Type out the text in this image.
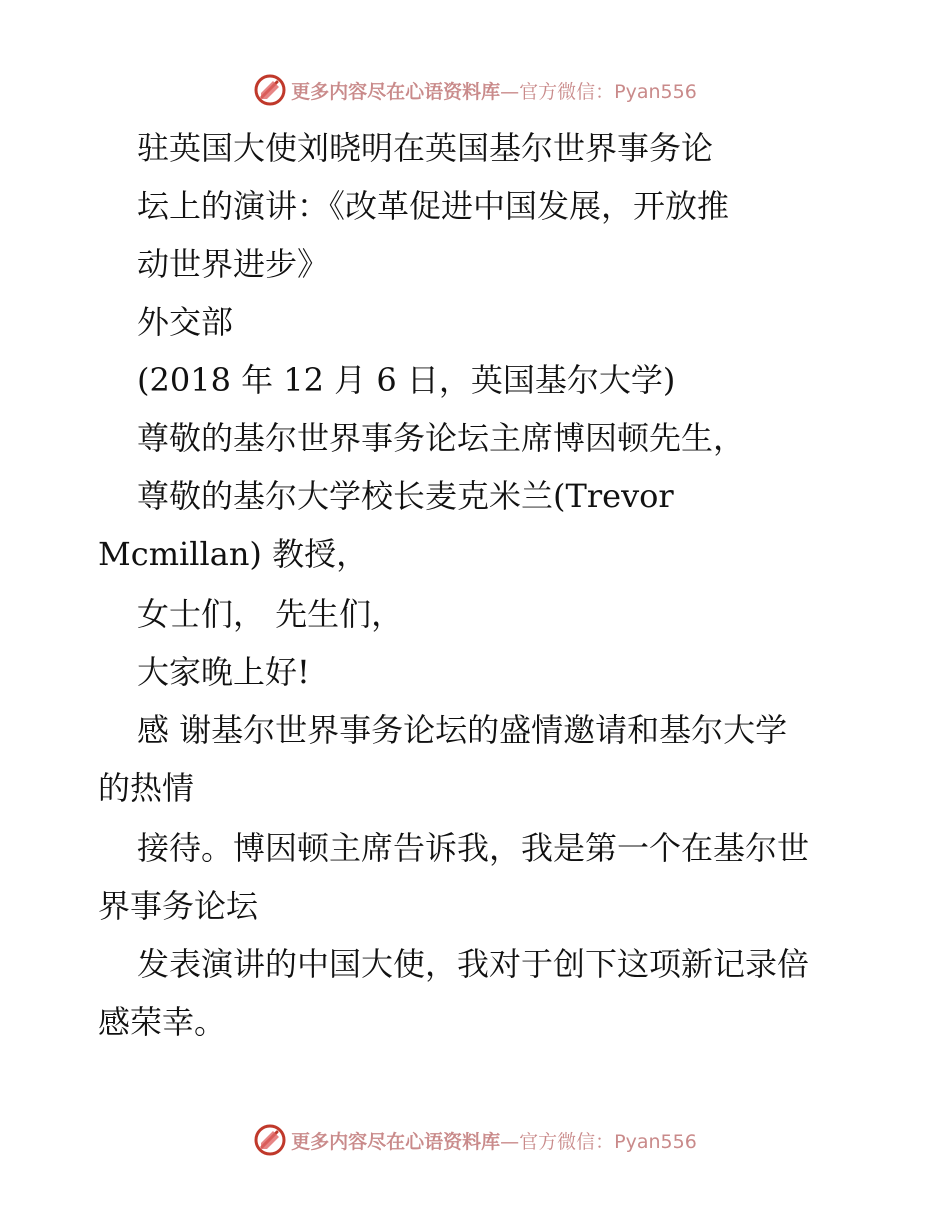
更多内容尽在心语资料库 —官方微信：Pyan556
驻英国大使刘晓明在英国基尔世界事务论
坛上的演讲：《改革促进中国发展，开放推
动世界进步》
外交部
(2018 年 12 月 6 日，英国基尔大学)
尊敬的基尔世界事务论坛主席博因顿先生，
尊敬的基尔大学校长麦克米兰(Trevor
Mcmillan) 教授，
女士们， 先生们，
大家晚上好!
感 谢基尔世界事务论坛的盛情邀请和基尔大学
的热情
接待。博因顿主席告诉我，我是第一个在基尔世
界事务论坛
发表演讲的中国大使，我对于创下这项新记录倍
感荣幸。
更多内容尽在心语资料库 —官方微信：Pyan556
